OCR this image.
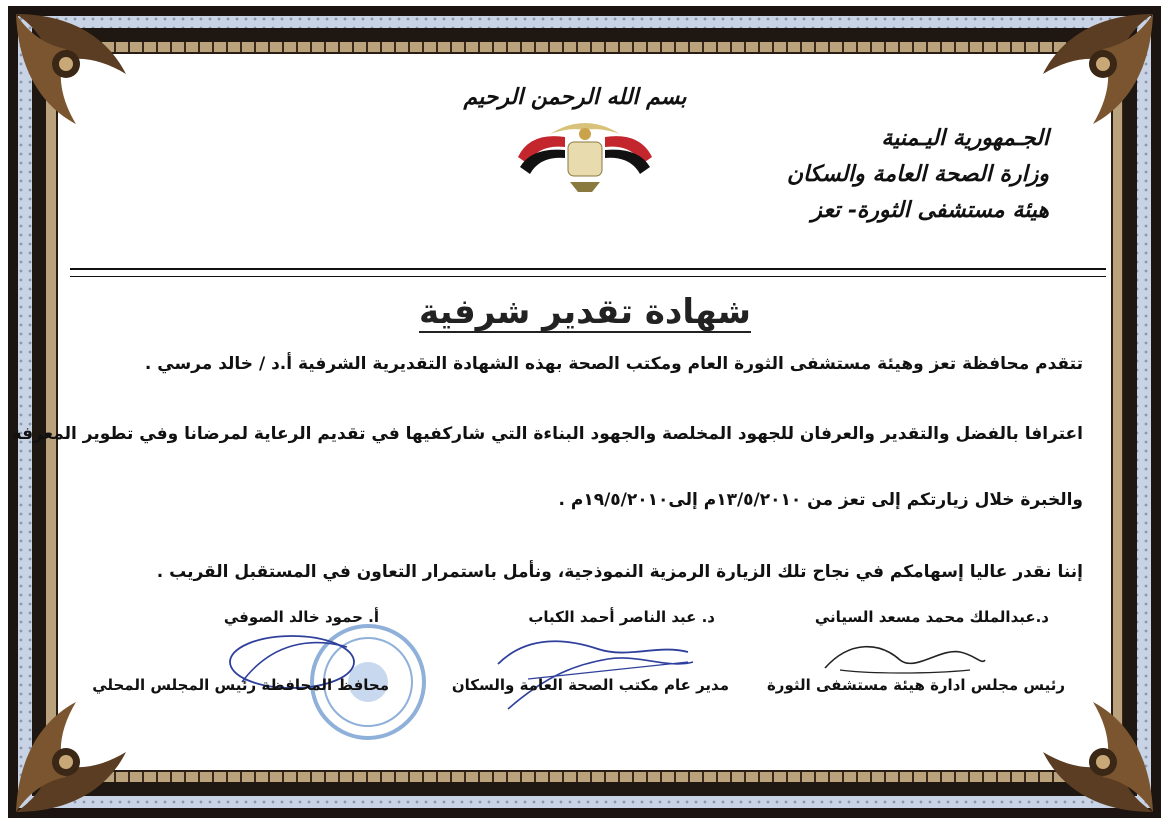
بسم الله الرحمن الرحيم
الجـمهورية اليـمنية
وزارة الصحة العامة والسكان
هيئة مستشفى الثورة- تعز
شهادة تقدير شرفية
تتقدم محافظة تعز وهيئة مستشفى الثورة العام ومكتب الصحة بهذه الشهادة التقديرية الشرفية أ.د / خالد مرسي .
اعترافا بالفضل والتقدير والعرفان للجهود المخلصة والجهود البناءة التي شاركفيها في تقديم الرعاية لمرضانا وفي تطوير المعرفة
والخبرة خلال زيارتكم إلى تعز من ١٣/٥/٢٠١٠م إلى١٩/٥/٢٠١٠م .
إننا نقدر عاليا إسهامكم في نجاح تلك الزيارة الرمزية النموذجية، ونأمل باستمرار التعاون في المستقبل القريب .
د.عبدالملك محمد مسعد السياني
د. عبد الناصر أحمد الكباب
أ. حمود خالد الصوفي
رئيس مجلس ادارة هيئة مستشفى الثورة
مدير عام مكتب الصحة العامة والسكان
محافظ المحافظة رئيس المجلس المحلي
